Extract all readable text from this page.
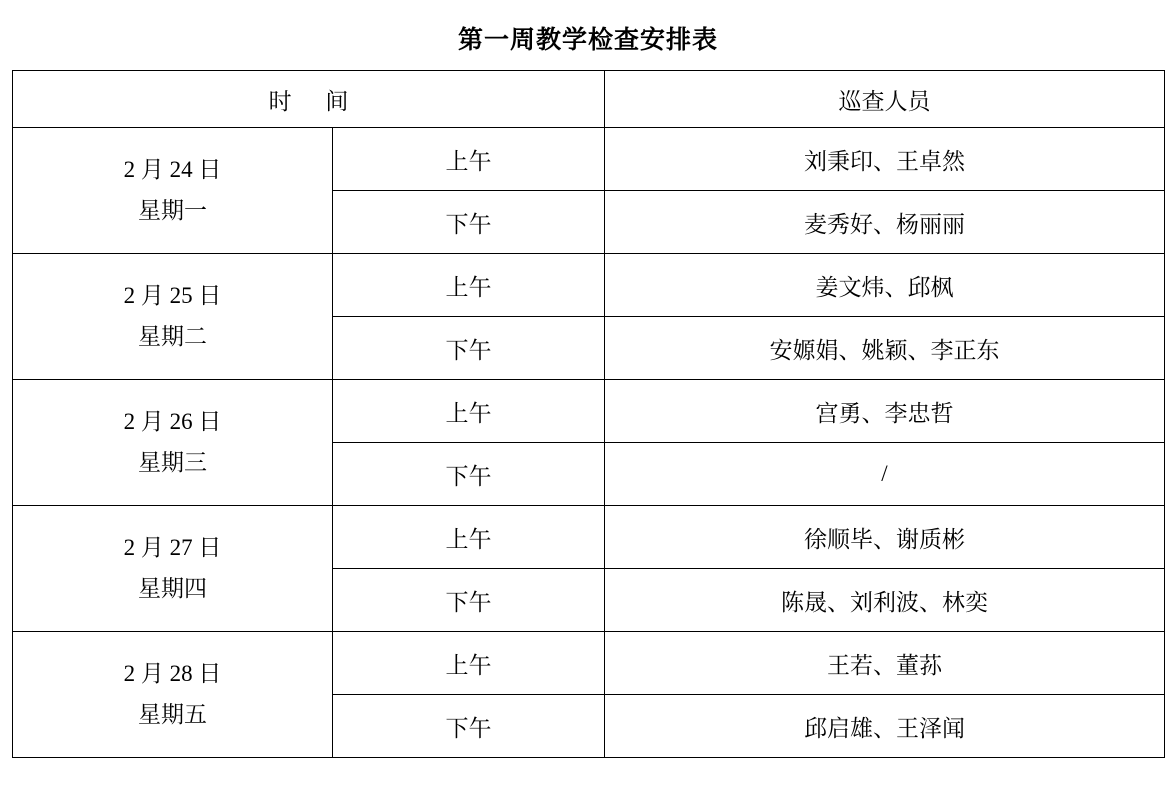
第一周教学检查安排表
时 间		巡查人员

2 月 24 日
星期一	上午	刘秉印、王卓然
	下午	麦秀好、杨丽丽

2 月 25 日
星期二	上午	姜文炜、邱枫
	下午	安嫄娟、姚颖、李正东

2 月 26 日
星期三	上午	宫勇、李忠哲
	下午	/

2 月 27 日
星期四	上午	徐顺毕、谢质彬
	下午	陈晟、刘利波、林奕

2 月 28 日
星期五	上午	王若、董荪
	下午	邱启雄、王泽闻
